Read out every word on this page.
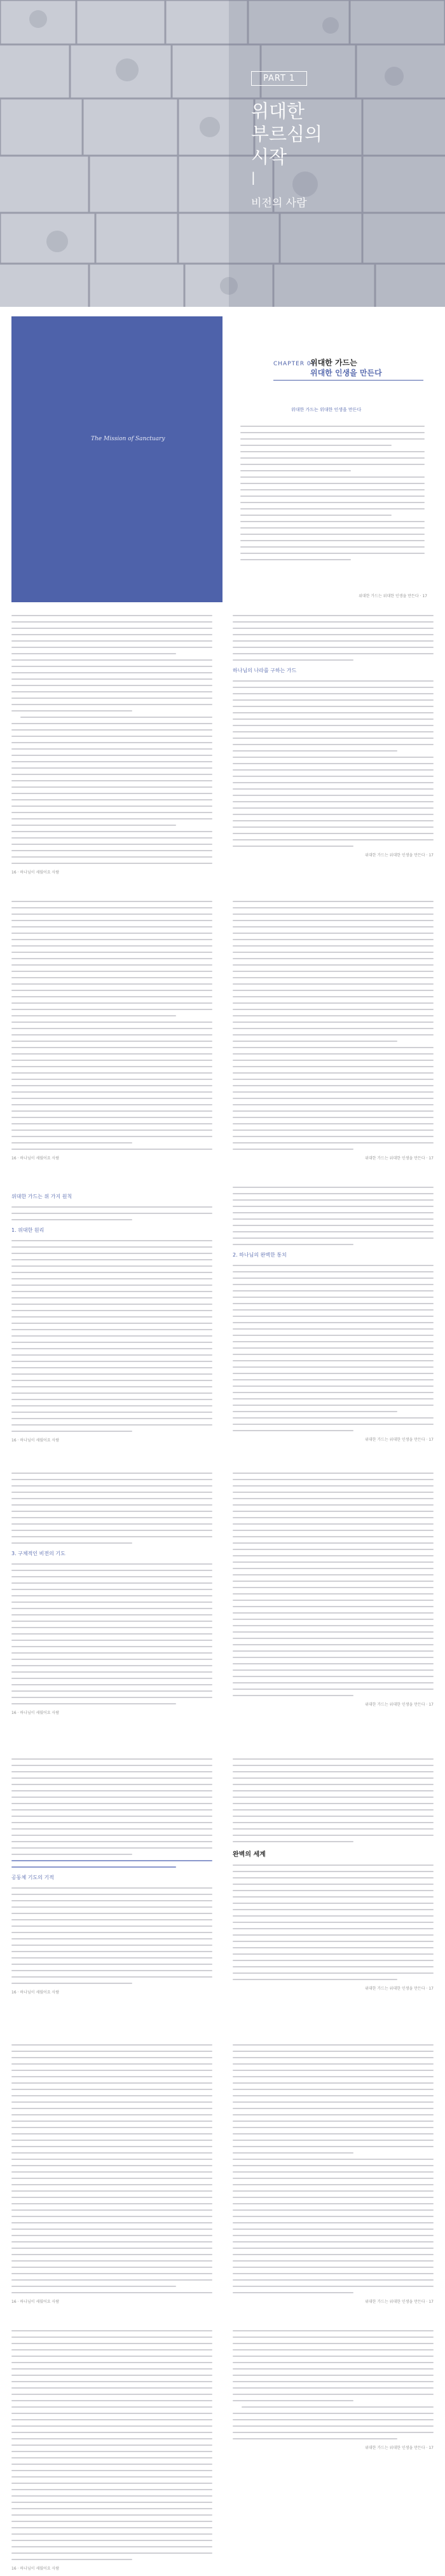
PART 1
위대한
부르심의
시작
|
비전의 사람
The Mission of Sanctuary
CHAPTER 01
위대한 가드는
위대한 인생을 만든다
위대한 가드는 위대한 인생을 만든다
위대한 가드는 위대한 인생을 만든다 · 17
16 · 하나님이 세웠어요 사람
하나님의 나라를 구하는 가드
위대한 가드는 위대한 인생을 만든다 · 17
16 · 하나님이 세웠어요 사람	위대한 가드는 위대한 인생을 만든다 · 17
위대한 가드는 위 가지 원칙
1. 위대한 원리
16 · 하나님이 세웠어요 사람
2. 하나님의 완벽한 통치
위대한 가드는 위대한 인생을 만든다 · 17
3. 구체적인 비전의 기도
16 · 하나님이 세웠어요 사람
위대한 가드는 위대한 인생을 만든다 · 17
공동체 기도의 기적
16 · 하나님이 세웠어요 사람
완벽의 세계
위대한 가드는 위대한 인생을 만든다 · 17
16 · 하나님이 세웠어요 사람	위대한 가드는 위대한 인생을 만든다 · 17
16 · 하나님이 세웠어요 사람
위대한 가드는 위대한 인생을 만든다 · 17
